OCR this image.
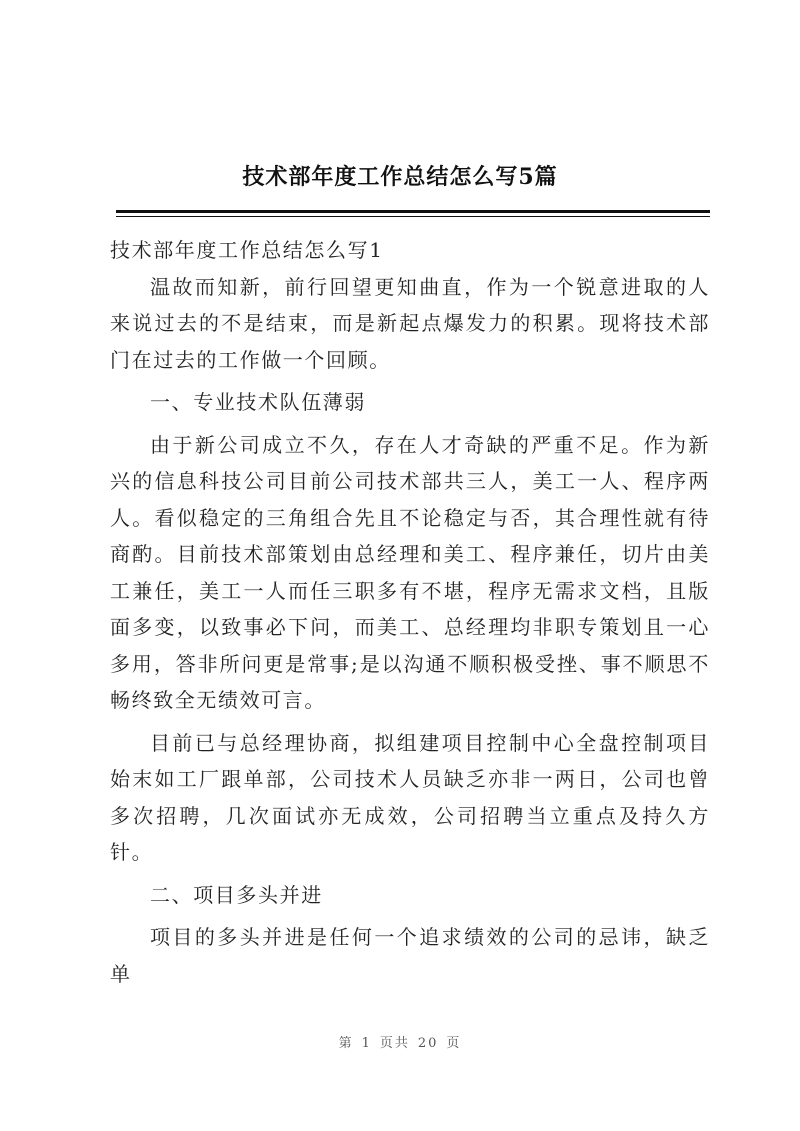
技术部年度工作总结怎么写5篇

技术部年度工作总结怎么写1

温故而知新，前行回望更知曲直，作为一个锐意进取的人来说过去的不是结束，而是新起点爆发力的积累。现将技术部门在过去的工作做一个回顾。

一、专业技术队伍薄弱

由于新公司成立不久，存在人才奇缺的严重不足。作为新兴的信息科技公司目前公司技术部共三人，美工一人、程序两人。看似稳定的三角组合先且不论稳定与否，其合理性就有待商酌。目前技术部策划由总经理和美工、程序兼任，切片由美工兼任，美工一人而任三职多有不堪，程序无需求文档，且版面多变，以致事必下问，而美工、总经理均非职专策划且一心多用，答非所问更是常事;是以沟通不顺积极受挫、事不顺思不畅终致全无绩效可言。

目前已与总经理协商，拟组建项目控制中心全盘控制项目始末如工厂跟单部，公司技术人员缺乏亦非一两日，公司也曾多次招聘，几次面试亦无成效，公司招聘当立重点及持久方针。

二、项目多头并进

项目的多头并进是任何一个追求绩效的公司的忌讳，缺乏单

第 1 页共 20 页
